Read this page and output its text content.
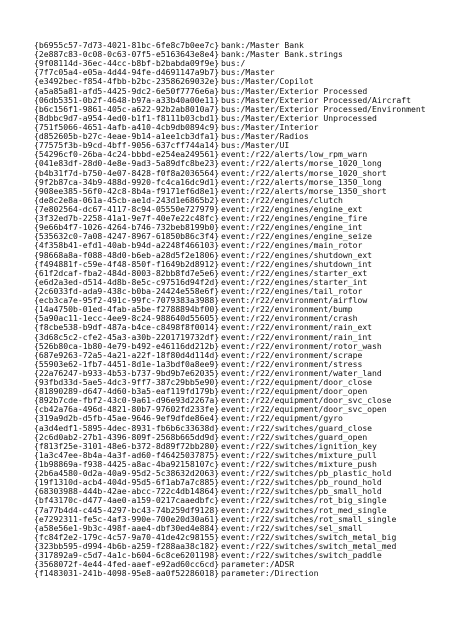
{b6955c57-7d73-4021-81bc-6fe8c7b0ee7c} bank:/Master Bank
{2e887c83-0c08-0c63-07f5-e5163643e8e4} bank:/Master Bank.strings
{9f08114d-36ec-44cc-b8bf-b2babda09f9e} bus:/
{7f7c05a4-e05a-4d44-94fe-d4691147a9b7} bus:/Master
{e3492bec-f854-4fbb-b2bc-23586269032e} bus:/Master/Copilot
{a5a85a81-afd5-4425-9dc2-6e50f7776e6a} bus:/Master/Exterior Processed
{06db5351-0b2f-4648-b97a-a33b40a00e11} bus:/Master/Exterior Processed/Aircraft
{b6c156f1-9861-405c-a622-92b2ab8010a7} bus:/Master/Exterior Processed/Environment
{8dbbc9d7-a954-4ed0-b1f1-f8111b03cbd1} bus:/Master/Exterior Unprocessed
{751f5066-4651-4afb-a410-4cb9db0894c9} bus:/Master/Interior
{d852605b-b27c-4eae-9b14-a1ee1cb3dfa1} bus:/Master/Radios
{77575f3b-b9cd-4bff-9056-637cff744a14} bus:/Master/UI
{54296cf0-26ba-4c24-bbbd-e254ea249561} event:/r22/alerts/low_rpm_warn
{041e83df-28d0-4e8e-9ad3-5a89dfc8be23} event:/r22/alerts/morse_1020_long
{b4b31f7d-b750-4e07-8428-f0f8a2036564} event:/r22/alerts/morse_1020_short
{9f2b87ca-34b9-488d-9920-fc4ca16dc9d1} event:/r22/alerts/morse_1350_long
{908ee385-56f0-42c8-8b4a-f9171ef6d8e1} event:/r22/alerts/morse_1350_short
{de8c2e8a-061a-45cb-ae1d-243d1e6865b2} event:/r22/engines/clutch
{7e802564-dc67-4117-8c94-05550e727979} event:/r22/engines/engine_ext
{3f32ed7b-2258-41a1-9e7f-40e7e22c48fc} event:/r22/engines/engine_fire
{9e66b4f7-1026-4264-b746-732beb8199b0} event:/r22/engines/engine_int
{535632c0-7a08-4247-8967-61850b86c3f4} event:/r22/engines/engine_seize
{4f358b41-efd1-40ab-b94d-a2248f466103} event:/r22/engines/main_rotor
{98668a8a-f088-48d0-b6eb-a28d5f2e1806} event:/r22/engines/shutdown_ext
{f494881f-c59e-4f48-850f-f1649b2d8912} event:/r22/engines/shutdown_int
{61f2dcaf-fba2-484d-8003-82bb8fd7e5e6} event:/r22/engines/starter_ext
{e6d2a3ed-d514-4d8b-8e5c-c97516d94f2d} event:/r22/engines/starter_int
{2c6033fd-ada9-438c-b0ba-24424e558e6f} event:/r22/engines/tail_rotor
{ecb3ca7e-95f2-491c-99fc-7079383a3988} event:/r22/environment/airflow
{14a4750b-01ed-4fab-a5be-f2788894bf00} event:/r22/environment/bump
{5a90ac11-1ecc-4ee9-8c24-988640d55605} event:/r22/environment/crash
{f8cbe538-b9df-487a-b4ce-c8498f8f0014} event:/r22/environment/rain_ext
{3d68c5c2-cfe2-45a3-a30b-2201719732df} event:/r22/environment/rain_int
{526b80ca-1b80-4e79-b492-e46116dd212b} event:/r22/environment/rotor_wash
{687e9263-72a5-4a21-a22f-18f80d4d114d} event:/r22/environment/scrape
{55903e62-1fb7-4451-8d1e-1a3bdf0a8ee9} event:/r22/environment/stress
{22a76247-b933-4b53-b737-9bd9b7e62035} event:/r22/environment/water_land
{93fbd33d-5ae5-4dc3-9ff7-387c29bb5e90} event:/r22/equipment/door_close
{81890289-d647-4d60-b3a5-eaf119fd179b} event:/r22/equipment/door_open
{892b7cde-fbf2-43c0-9a61-d96e93d2267a} event:/r22/equipment/door_svc_close
{cb42a76a-496d-4821-80b7-97602fd233fe} event:/r22/equipment/door_svc_open
{319a9d2b-d5fb-45ae-9646-9ef9dfde86e4} event:/r22/equipment/gyro
{a3d4edf1-5895-4dec-8931-fb6b6c33638d} event:/r22/switches/guard_close
{2c6d0ab2-27b1-4396-809f-2568b665dd9d} event:/r22/switches/guard_open
{f813f25e-3101-48e6-b372-8d89f72bb280} event:/r22/switches/ignition_key
{1a3c47ee-8b4a-4a3f-ad60-f46425037875} event:/r22/switches/mixture_pull
{1b98869a-f938-4425-a8ac-4ba92158107c} event:/r22/switches/mixture_push
{2b6a4580-0d2a-40a9-95d2-5c38632d2063} event:/r22/switches/pb_plastic_hold
{19f1310d-acb4-404d-95d5-6f1ab7a7c885} event:/r22/switches/pb_round_hold
{68303988-444b-42ae-abcc-722c4db14864} event:/r22/switches/pb_small_hold
{bf43170c-d477-4ae0-a159-0217caaedbfc} event:/r22/switches/rot_big_single
{7a77b4d4-c445-4297-bc43-74b259df9128} event:/r22/switches/rot_med_single
{e7292311-fe5c-4af3-990e-700e20d30a61} event:/r22/switches/rot_small_single
{a58e56e1-9b3c-498f-aae4-dbf30ed4e884} event:/r22/switches/sel_small
{fc84f2e2-179c-4c57-9a70-41de42c98155} event:/r22/switches/switch_metal_big
{323bb595-d994-4b6b-a259-f288aa38c182} event:/r22/switches/switch_metal_med
{317892a9-c5d7-4a1c-b604-6c8ce6201198} event:/r22/switches/switch_paddle
{3568072f-4e44-4fed-aaef-e92ad60cc6cd} parameter:/ADSR
{f1483031-241b-4098-95e8-aa0f52286018} parameter:/Direction
